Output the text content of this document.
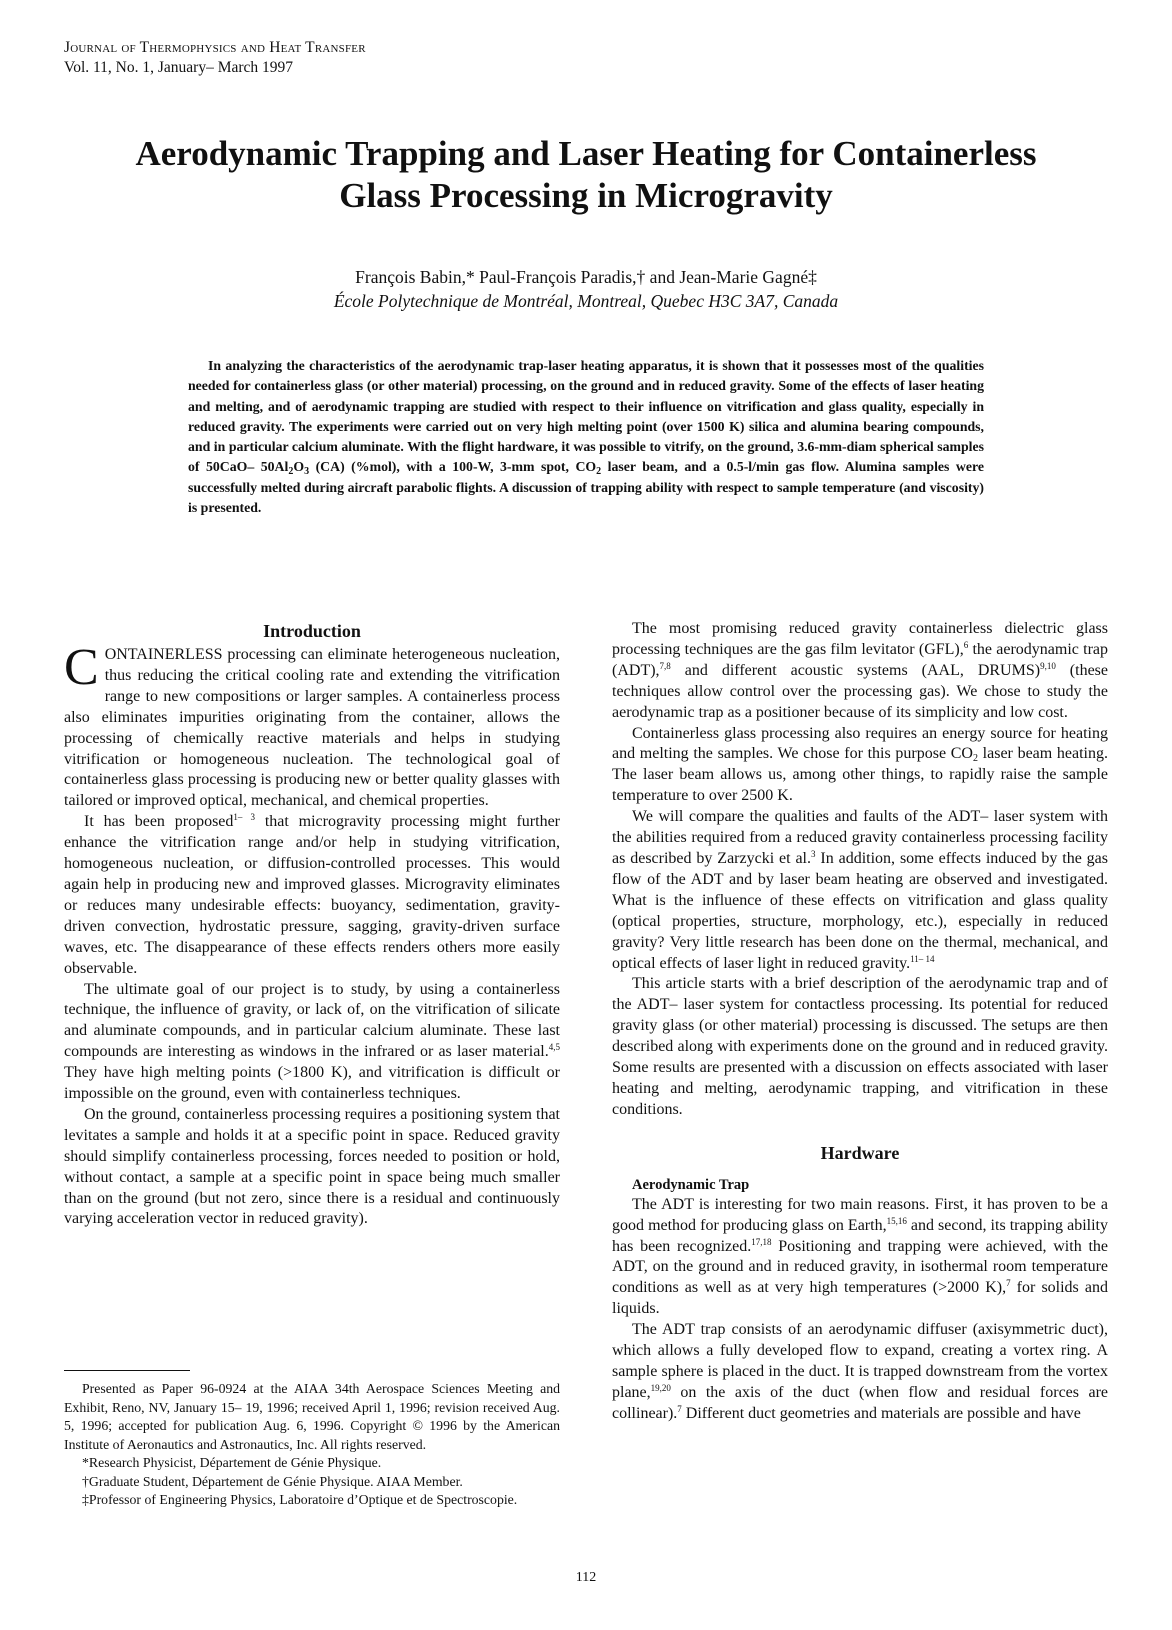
Journal of Thermophysics and Heat Transfer
Vol. 11, No. 1, January– March 1997
Aerodynamic Trapping and Laser Heating for Containerless
Glass Processing in Microgravity
François Babin,* Paul-François Paradis,† and Jean-Marie Gagné‡
École Polytechnique de Montréal, Montreal, Quebec H3C 3A7, Canada

In analyzing the characteristics of the aerodynamic trap-laser heating apparatus, it is shown that it possesses most of the qualities needed for containerless glass (or other material) processing, on the ground and in reduced gravity. Some of the effects of laser heating and melting, and of aerodynamic trapping are studied with respect to their influence on vitrification and glass quality, especially in reduced gravity. The experiments were carried out on very high melting point (over 1500 K) silica and alumina bearing compounds, and in particular calcium aluminate. With the flight hardware, it was possible to vitrify, on the ground, 3.6-mm-diam spherical samples of 50CaO– $50Al_2O_3$ (CA) (%mol), with a 100-W, 3-mm spot, $CO_2$ laser beam, and a 0.5-l/min gas flow. Alumina samples were successfully melted during aircraft parabolic flights. A discussion of trapping ability with respect to sample temperature (and viscosity) is presented.

Introduction

CONTAINERLESS processing can eliminate heterogeneous nucleation, thus reducing the critical cooling rate and extending the vitrification range to new compositions or larger samples. A containerless process also eliminates impurities originating from the container, allows the processing of chemically reactive materials and helps in studying vitrification or homogeneous nucleation. The technological goal of containerless glass processing is producing new or better quality glasses with tailored or improved optical, mechanical, and chemical properties.

It has been proposed$^{1- 3}$ that microgravity processing might further enhance the vitrification range and/or help in studying vitrification, homogeneous nucleation, or diffusion-controlled processes. This would again help in producing new and improved glasses. Microgravity eliminates or reduces many undesirable effects: buoyancy, sedimentation, gravity-driven convection, hydrostatic pressure, sagging, gravity-driven surface waves, etc. The disappearance of these effects renders others more easily observable.

The ultimate goal of our project is to study, by using a containerless technique, the influence of gravity, or lack of, on the vitrification of silicate and aluminate compounds, and in particular calcium aluminate. These last compounds are interesting as windows in the infrared or as laser material.$^{4,5}$ They have high melting points (>1800 K), and vitrification is difficult or impossible on the ground, even with containerless techniques.

On the ground, containerless processing requires a positioning system that levitates a sample and holds it at a specific point in space. Reduced gravity should simplify containerless processing, forces needed to position or hold, without contact, a sample at a specific point in space being much smaller than on the ground (but not zero, since there is a residual and continuously varying acceleration vector in reduced gravity).

Presented as Paper 96-0924 at the AIAA 34th Aerospace Sciences Meeting and Exhibit, Reno, NV, January 15– 19, 1996; received April 1, 1996; revision received Aug. 5, 1996; accepted for publication Aug. 6, 1996. Copyright © 1996 by the American Institute of Aeronautics and Astronautics, Inc. All rights reserved.

*Research Physicist, Département de Génie Physique.

†Graduate Student, Département de Génie Physique. AIAA Member.

‡Professor of Engineering Physics, Laboratoire d’Optique et de Spectroscopie.

The most promising reduced gravity containerless dielectric glass processing techniques are the gas film levitator (GFL),$^6$ the aerodynamic trap (ADT),$^{7,8}$ and different acoustic systems (AAL, DRUMS)$^{9,10}$ (these techniques allow control over the processing gas). We chose to study the aerodynamic trap as a positioner because of its simplicity and low cost.

Containerless glass processing also requires an energy source for heating and melting the samples. We chose for this purpose $CO_2$ laser beam heating. The laser beam allows us, among other things, to rapidly raise the sample temperature to over 2500 K.

We will compare the qualities and faults of the ADT– laser system with the abilities required from a reduced gravity containerless processing facility as described by Zarzycki et al.$^3$ In addition, some effects induced by the gas flow of the ADT and by laser beam heating are observed and investigated. What is the influence of these effects on vitrification and glass quality (optical properties, structure, morphology, etc.), especially in reduced gravity? Very little research has been done on the thermal, mechanical, and optical effects of laser light in reduced gravity.$^{11- 14}$

This article starts with a brief description of the aerodynamic trap and of the ADT– laser system for contactless processing. Its potential for reduced gravity glass (or other material) processing is discussed. The setups are then described along with experiments done on the ground and in reduced gravity. Some results are presented with a discussion on effects associated with laser heating and melting, aerodynamic trapping, and vitrification in these conditions.

Hardware

Aerodynamic Trap

The ADT is interesting for two main reasons. First, it has proven to be a good method for producing glass on Earth,$^{15,16}$ and second, its trapping ability has been recognized.$^{17,18}$ Positioning and trapping were achieved, with the ADT, on the ground and in reduced gravity, in isothermal room temperature conditions as well as at very high temperatures (>2000 K),$^7$ for solids and liquids.

The ADT trap consists of an aerodynamic diffuser (axisymmetric duct), which allows a fully developed flow to expand, creating a vortex ring. A sample sphere is placed in the duct. It is trapped downstream from the vortex plane,$^{19,20}$ on the axis of the duct (when flow and residual forces are collinear).$^7$ Different duct geometries and materials are possible and have

112
